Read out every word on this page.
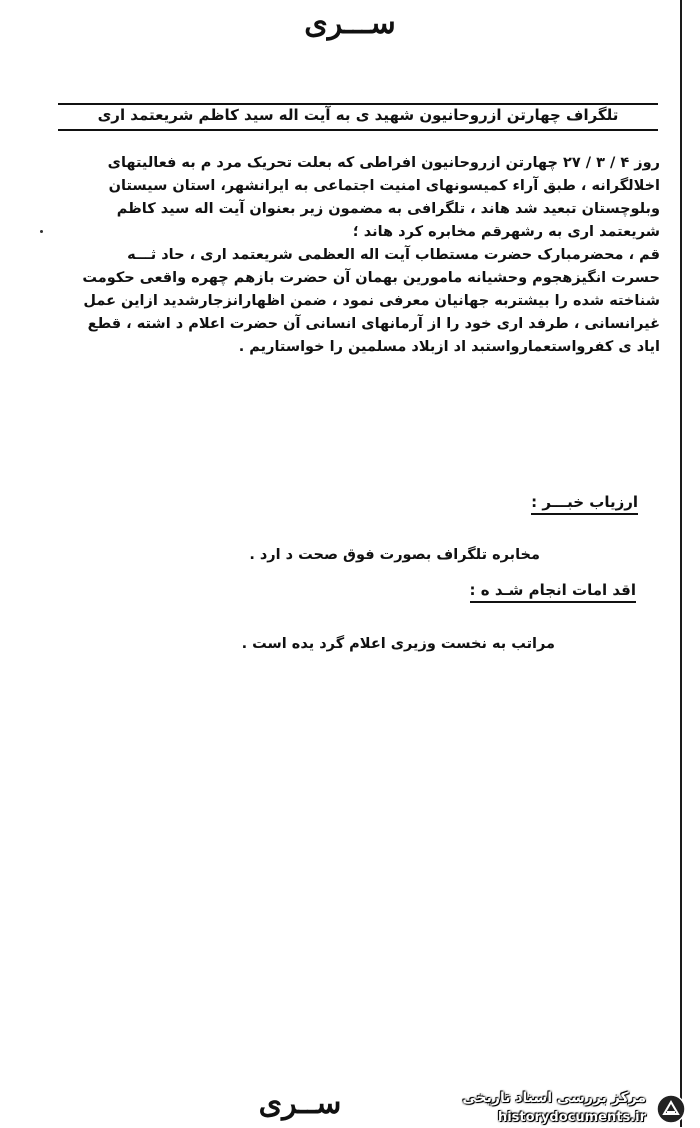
ســـری
تلگراف چهارتن ازروحانیون شهید ی به آیت اله سید کاظم شریعتمد اری
روز ۴ / ۳ / ۲۷ چهارتن ازروحانیون افراطی که بعلت تحریک مرد م به فعالیتهای
اخلالگرانه ، طبق آراء کمیسونهای امنیت اجتماعی به ایرانشهر، استان سیستان
وبلوچستان تبعید شد هاند ، تلگرافی به مضمون زیر بعنوان آیت اله سید کاظم
شریعتمد اری به رشهرقم مخابره کرد هاند ؛
قم ، محضرمبارک حضرت مستطاب آیت اله العظمی شریعتمد اری ، حاد ثـــه
حسرت انگیزهجوم وحشیانه مامورین بهمان آن حضرت بازهم چهره واقعی حکومت
شناخته شده را بیشتربه جهانیان معرفی نمود ، ضمن اظهارانزجارشدید ازاین عمل
غیرانسانی ، طرفد اری خود را از آرمانهای انسانی آن حضرت اعلام د اشته ، قطع
ایاد ی کفرواستعمارواستبد اد ازبلاد مسلمین را خواستاریم .
ارزیاب خبـــر :
مخابره تلگراف بصورت فوق صحت د ارد .
اقد امات انجام شـد ه :
مراتب به نخست وزیری اعلام گرد یده است .
ســری	مرکز بررسی اسناد تاریخی
historydocuments.ir
